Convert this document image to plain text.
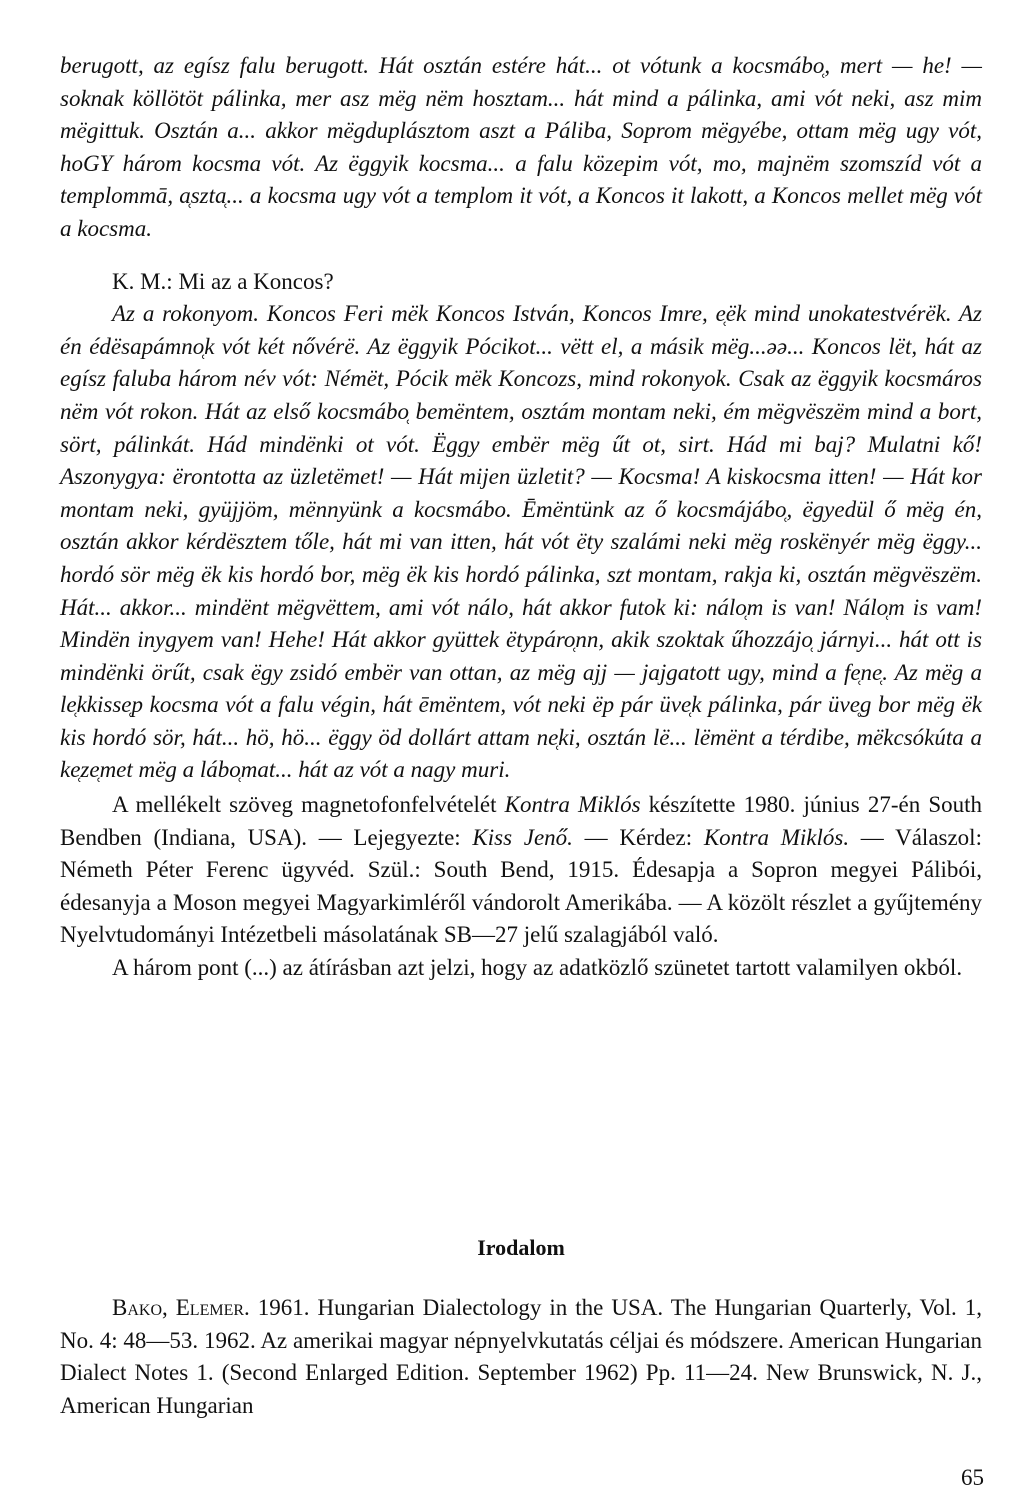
berugott, az egísz falu berugott. Hát osztán estére hát... ot vótunk a kocsmábo̜, mert — he! — soknak köllötöt pálinka, mer asz mëg nëm hosztam... hát mind a pálinka, ami vót neki, asz mim mëgittuk. Osztán a... akkor mëgduplásztom aszt a Páliba, Soprom mëgyébe, ottam mëg ugy vót, hoGY három kocsma vót. Az ëggyik kocsma... a falu közepim vót, mo, majnëm szomszíd vót a templommā, a̜szta̜... a kocsma ugy vót a templom it vót, a Koncos it lakott, a Koncos mellet mëg vót a kocsma.

K. M.: Mi az a Koncos?

Az a rokonyom. Koncos Feri mëk Koncos István, Koncos Imre, e̜ëk mind unokatestvérëk. Az én édësapámno̜k vót két nővérë. Az ëggyik Pócikot... vëtt el, a másik mëg...əə... Koncos lët, hát az egísz faluba három név vót: Némët, Pócik mëk Koncozs, mind rokonyok. Csak az ëggyik kocsmáros nëm vót rokon. Hát az első kocsmábo̜ bemëntem, osztám montam neki, ém mëgvëszëm mind a bort, sört, pálinkát. Hád mindënki ot vót. Ëggy embër mëg űt ot, sirt. Hád mi baj? Mulatni kő! Aszonygya: ërontotta az üzletëmet! — Hát mijen üzletit? — Kocsma! A kiskocsma itten! — Hát kor montam neki, gyüjjöm, mënnyünk a kocsmábo. Ēmëntünk az ő kocsmájábo̜, ëgyedül ő mëg én, osztán akkor kérdësztem tőle, hát mi van itten, hát vót ëty szalámi neki mëg roskënyér mëg ëggy... hordó sör mëg ëk kis hordó bor, mëg ëk kis hordó pálinka, szt montam, rakja ki, osztán mëgvëszëm. Hát... akkor... mindënt mëgvëttem, ami vót nálo, hát akkor futok ki: nálo̜m is van! Nálo̜m is vam! Mindën inygyem van! Hehe! Hát akkor gyüttek ëtypáro̜nn, akik szoktak űhozzájo̜ járnyi... hát ott is mindënki örűt, csak ëgy zsidó embër van ottan, az mëg ajj — jajgatott ugy, mind a fe̜ne̜. Az mëg a le̜kkisse̜p kocsma vót a falu végin, hát ēmëntem, vót neki ëp pár üve̜k pálinka, pár üve̜g bor mëg ëk kis hordó sör, hát... hö, hö... ëggy öd dollárt attam ne̜ki, osztán lë... lëmënt a térdibe, mëkcsókúta a ke̜ze̜met mëg a lábo̜mat... hát az vót a nagy muri.

A mellékelt szöveg magnetofonfelvételét Kontra Miklós készítette 1980. június 27-én South Bendben (Indiana, USA). — Lejegyezte: Kiss Jenő. — Kérdez: Kontra Miklós. — Válaszol: Németh Péter Ferenc ügyvéd. Szül.: South Bend, 1915. Édesapja a Sopron megyei Pálibói, édesanyja a Moson megyei Magyarkimléről vándorolt Amerikába. — A közölt részlet a gyűjtemény Nyelvtudományi Intézetbeli másolatának SB—27 jelű szalagjából való.

A három pont (...) az átírásban azt jelzi, hogy az adatközlő szünetet tartott valamilyen okból.

Irodalom

Bako, Elemer. 1961. Hungarian Dialectology in the USA. The Hungarian Quarterly, Vol. 1, No. 4: 48—53. 1962. Az amerikai magyar népnyelvkutatás céljai és módszere. American Hungarian Dialect Notes 1. (Second Enlarged Edition. September 1962) Pp. 11—24. New Brunswick, N. J., American Hungarian

65
